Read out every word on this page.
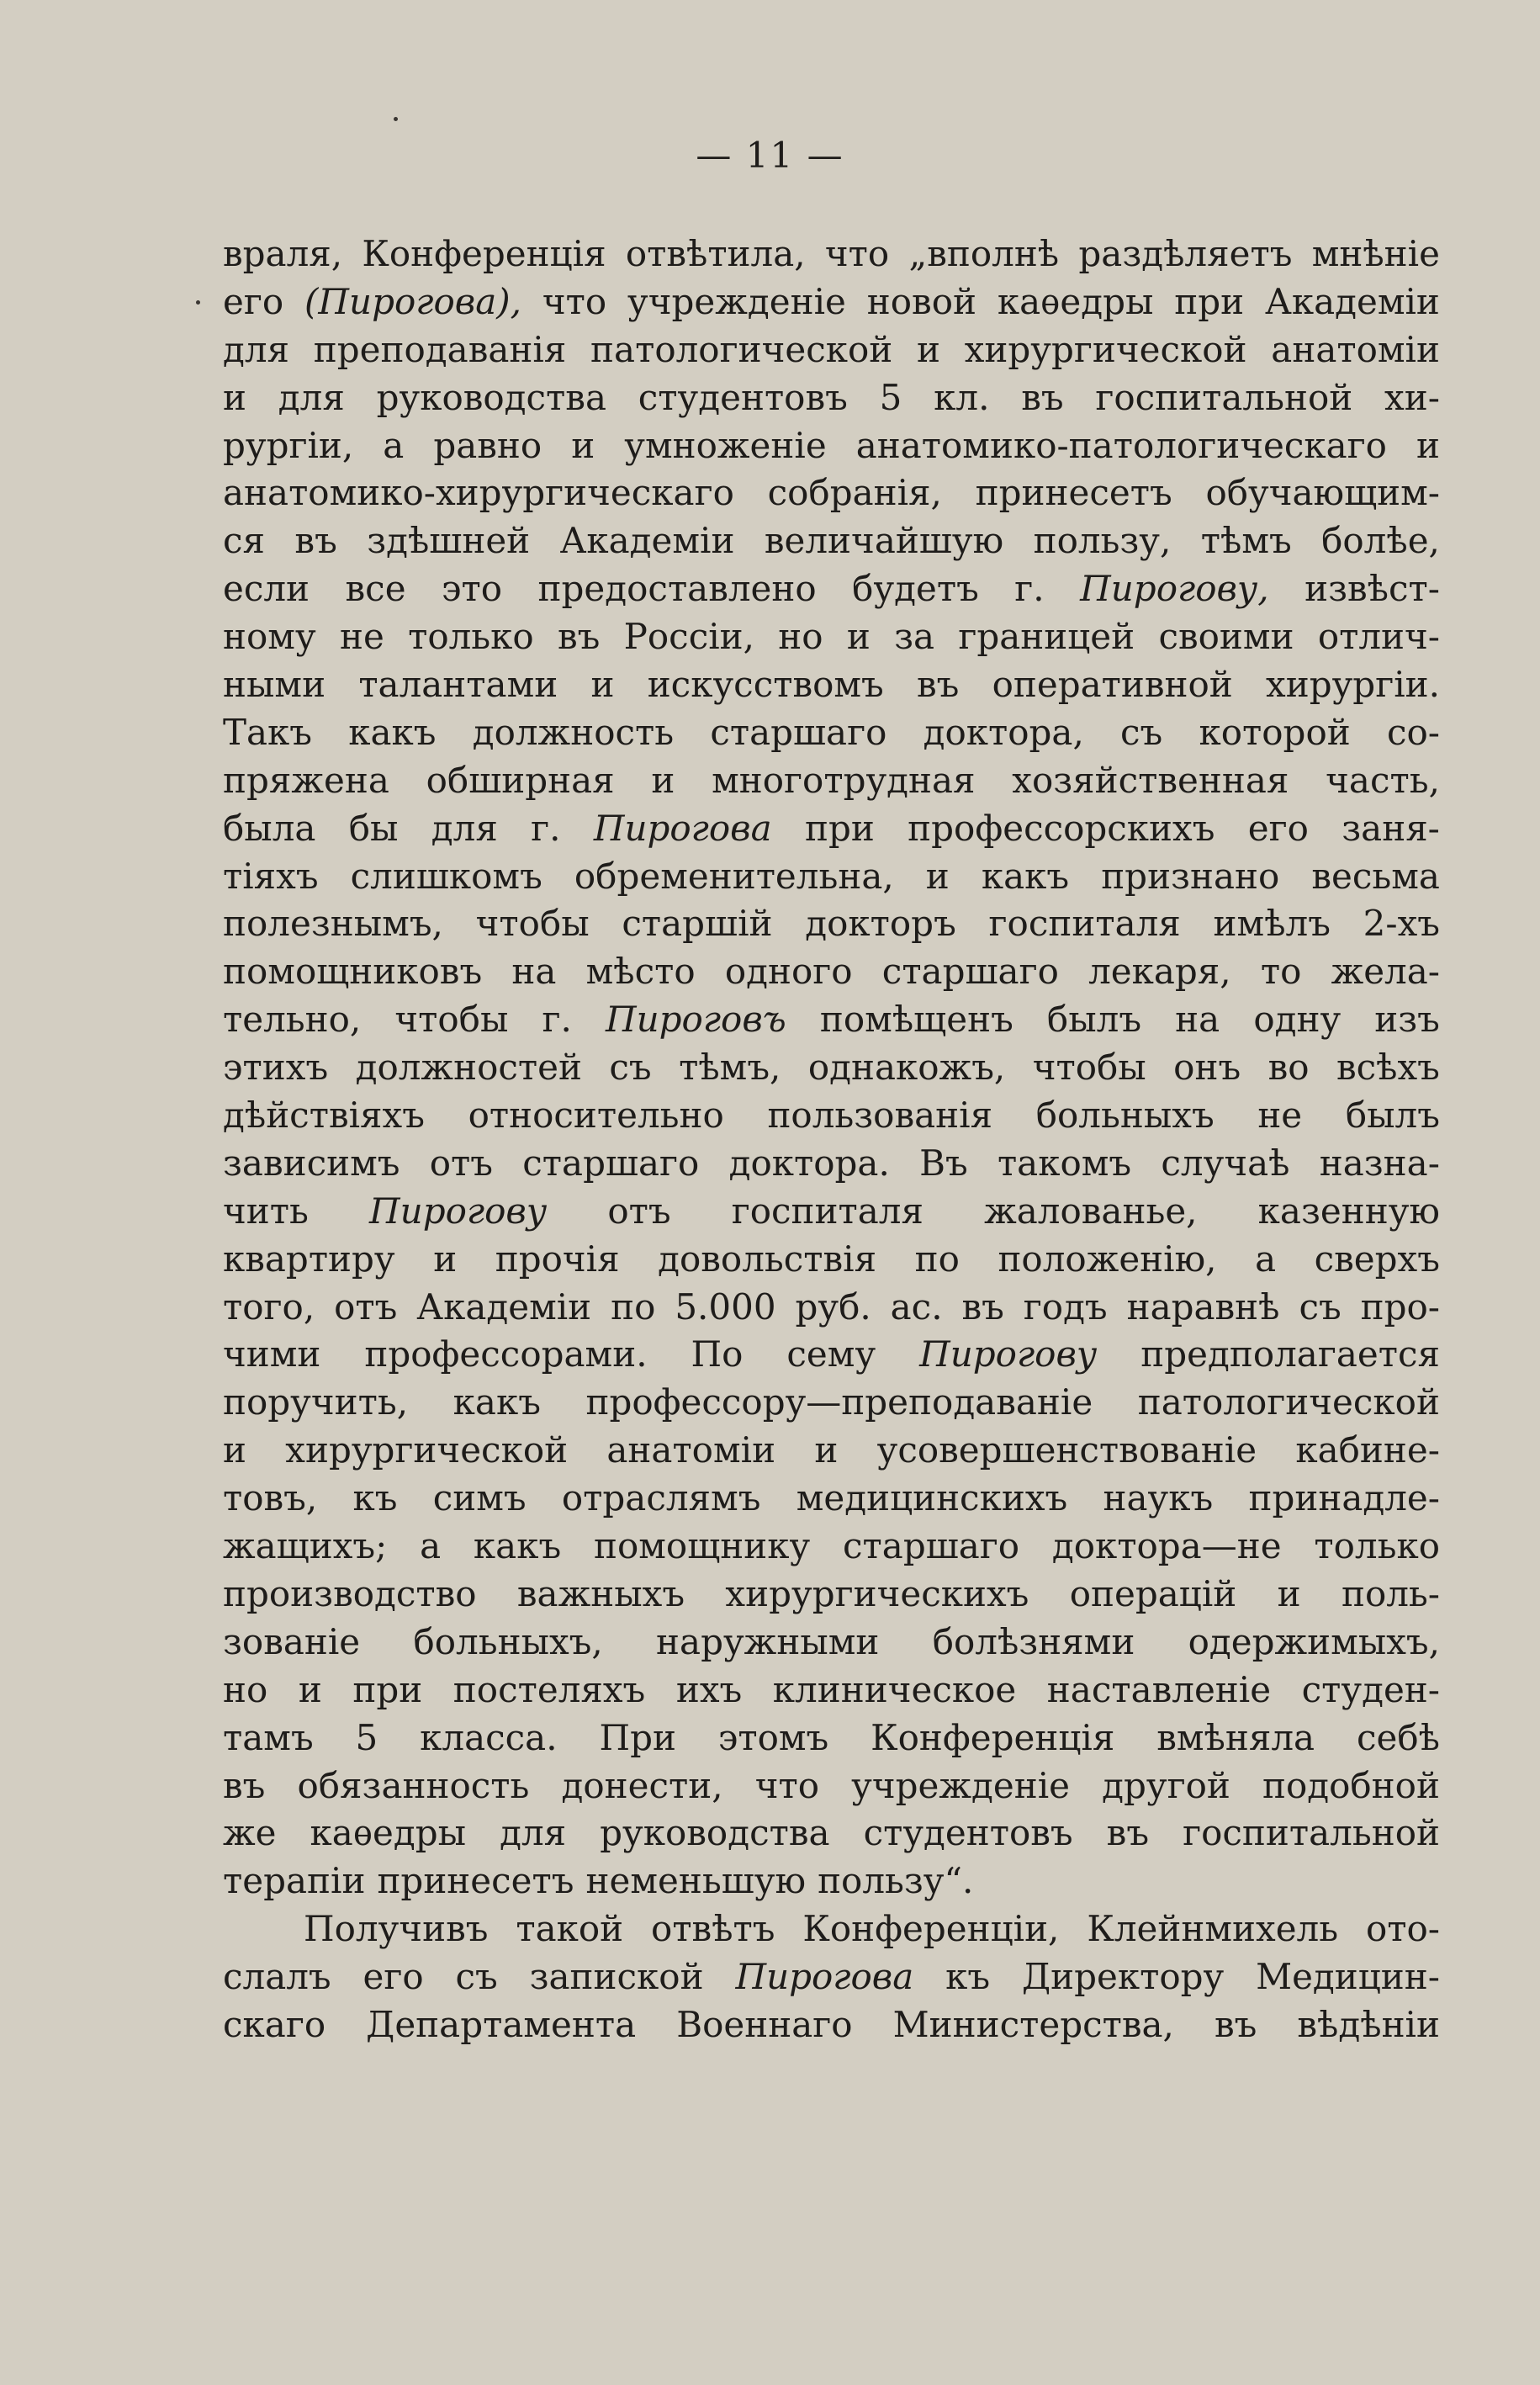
— 11 —
враля, Конференція отвѣтила, что „вполнѣ раздѣляетъ мнѣніе
его (Пирогова), что учрежденіе новой каѳедры при Академіи
для преподаванія патологической и хирургической анатоміи
и для руководства студентовъ 5 кл. въ госпитальной хи-
рургіи, а равно и умноженіе анатомико-патологическаго и
анатомико-хирургическаго собранія, принесетъ обучающим-
ся въ здѣшней Академіи величайшую пользу, тѣмъ болѣе,
если все это предоставлено будетъ г. Пирогову, извѣст-
ному не только въ Россіи, но и за границей своими отлич-
ными талантами и искусствомъ въ оперативной хирургіи.
Такъ какъ должность старшаго доктора, съ которой со-
пряжена обширная и многотрудная хозяйственная часть,
была бы для г. Пирогова при профессорскихъ его заня-
тіяхъ слишкомъ обременительна, и какъ признано весьма
полезнымъ, чтобы старшій докторъ госпиталя имѣлъ 2-хъ
помощниковъ на мѣсто одного старшаго лекаря, то желa-
тельно, чтобы г. Пироговъ помѣщенъ былъ на одну изъ
этихъ должностей съ тѣмъ, однакожъ, чтобы онъ во всѣхъ
дѣйствіяхъ относительно пользованія больныхъ не былъ
зависимъ отъ старшаго доктора. Въ такомъ случаѣ назна-
чить Пирогову отъ госпиталя жалованье, казенную
квартиру и прочія довольствія по положенію, а сверхъ
того, отъ Академіи по 5.000 руб. ас. въ годъ наравнѣ съ про-
чими профессорами. По сему Пирогову предполагается
поручить, какъ профессору—преподаваніе патологической
и хирургической анатоміи и усовершенствованіе кабине-
товъ, къ симъ отраслямъ медицинскихъ наукъ принадле-
жащихъ; а какъ помощнику старшаго доктора—не только
производство важныхъ хирургическихъ операцій и поль-
зованіе больныхъ, наружными болѣзнями одержимыхъ,
но и при постеляхъ ихъ клиническое наставленіе студен-
тамъ 5 класса. При этомъ Конференція вмѣняла себѣ
въ обязанность донести, что учрежденіе другой подобной
же каѳедры для руководства студентовъ въ госпитальной
терапіи принесетъ неменьшую пользу“.
Получивъ такой отвѣтъ Конференціи, Клейнмихель ото-
слалъ его съ запиской Пирогова къ Директору Медицин-
скаго Департамента Военнаго Министерства, въ вѣдѣніи
